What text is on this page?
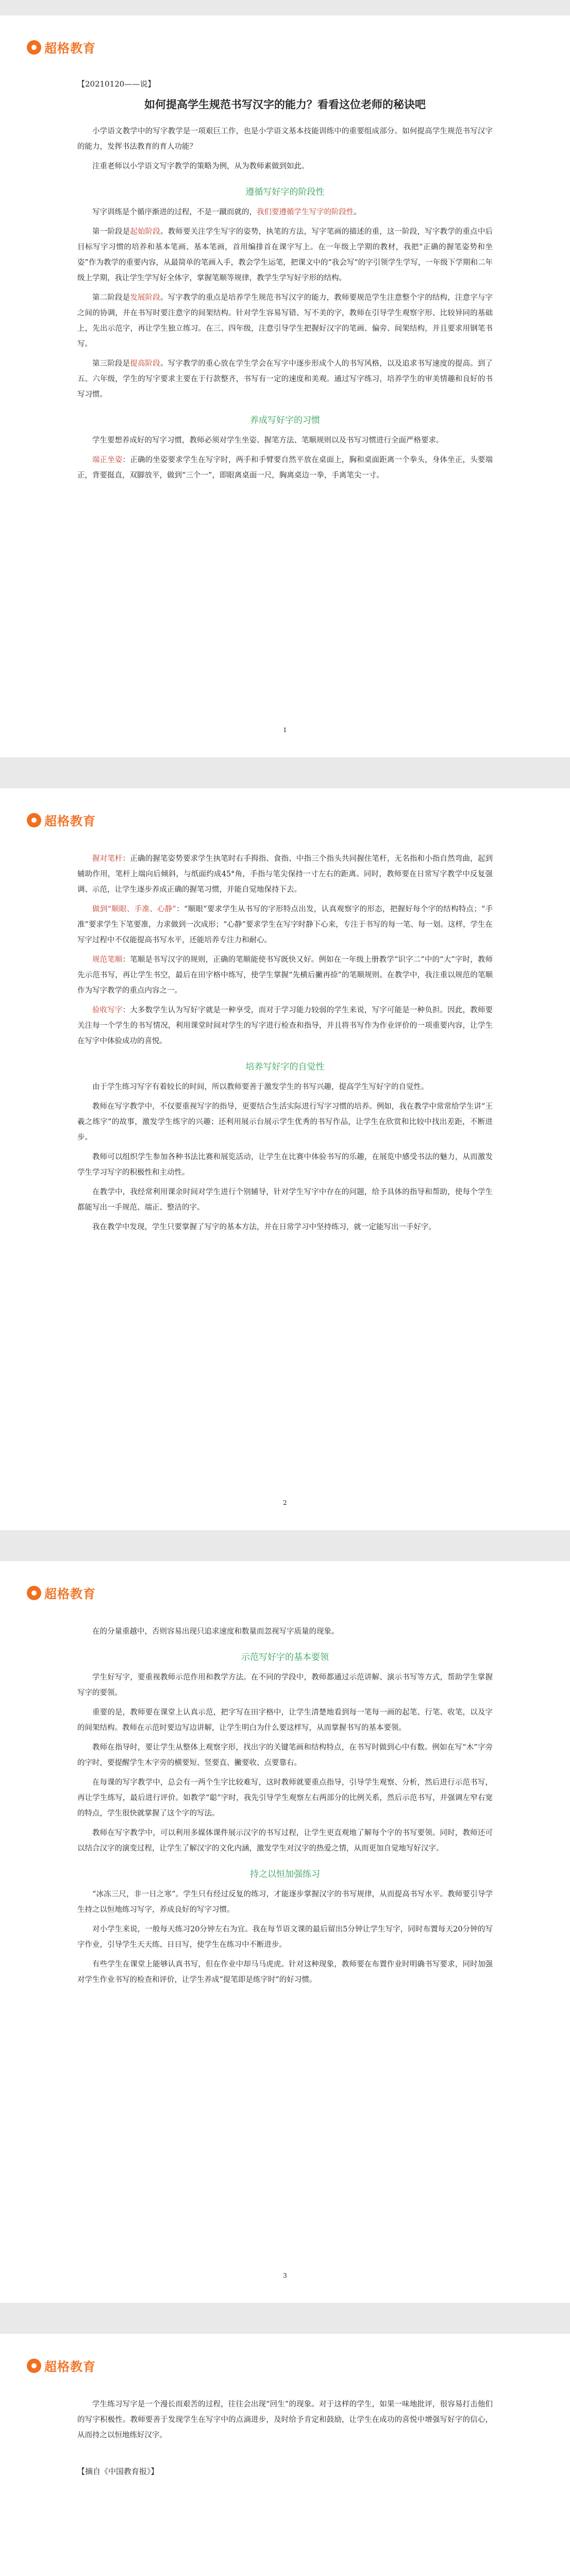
超格教育

【20210120——说】

如何提高学生规范书写汉字的能力？看看这位老师的秘诀吧

小学语文教学中的写字教学是一项艰巨工作，也是小学语文基本技能训练中的重要组成部分。如何提高学生规范书写汉字的能力，发挥书法教育的育人功能？

注重老师以小学语文写字教学的策略为例，从为教师素做到如此。

遵循写好字的阶段性

写字训练是个循序渐进的过程，不是一蹴而就的，我们要遵循学生写字的阶段性。

第一阶段是起始阶段。教师要关注学生写字的姿势，执笔的方法，写字笔画的描述的重，这一阶段，写字教学的重点中后目标写字习惯的培养和基本笔画、基本笔画，首用编排首在课字写上。在一年级上学期的教材，我把“正确的握笔姿势和坐姿”作为教学的重要内容，从最简单的笔画入手，教会学生运笔，把课文中的“我会写”的字引领学生学写，一年级下学期和二年级上学期，我让学生学写好全体字，掌握笔顺等规律，教学生学写好字形的结构。

第二阶段是发展阶段。写字教学的重点是培养学生规范书写汉字的能力，教师要规范学生注意整个字的结构，注意字与字之间的协调，并在书写时要注意字的间架结构。针对学生容易写错、写不美的字，教师在引导学生观察字形、比较异同的基础上，先出示范字，再让学生独立练习。在三、四年级，注意引导学生把握好汉字的笔画、偏旁、间架结构，并且要求用钢笔书写。

第三阶段是提高阶段。写字教学的重心放在学生学会在写字中逐步形成个人的书写风格，以及追求书写速度的提高。到了五、六年级，学生的写字要求主要在于行款整齐，书写有一定的速度和美观。通过写字练习，培养学生的审美情趣和良好的书写习惯。

养成写好字的习惯

学生要想养成好的写字习惯，教师必须对学生坐姿、握笔方法、笔顺规则以及书写习惯进行全面严格要求。

端正坐姿：正确的坐姿要求学生在写字时，两手和手臂要自然平放在桌面上，胸和桌面距离一个拳头，身体坐正，头要端正，背要挺直，双脚放平，做到“三个一”，即眼离桌面一尺，胸离桌边一拳，手离笔尖一寸。

1
超格教育

握对笔杆：正确的握笔姿势要求学生执笔时右手拇指、食指、中指三个指头共同握住笔杆，无名指和小指自然弯曲，起到辅助作用，笔杆上端向后倾斜，与纸面约成45°角，手指与笔尖保持一寸左右的距离。同时，教师要在日常写字教学中反复强调、示范，让学生逐步养成正确的握笔习惯，并能自觉地保持下去。

做到“顺眼、手准、心静”：“顺眼”要求学生从书写的字形特点出发，认真观察字的形态，把握好每个字的结构特点；“手准”要求学生下笔要准，力求做到一次成形；“心静”要求学生在写字时静下心来，专注于书写的每一笔、每一划。这样，学生在写字过程中不仅能提高书写水平，还能培养专注力和耐心。

规范笔顺：笔顺是书写汉字的规则，正确的笔顺能使书写既快又好。例如在一年级上册教学“识字二”中的“大”字时，教师先示范书写，再让学生书空，最后在田字格中练写，使学生掌握“先横后撇再捺”的笔顺规则。在教学中，我注重以规范的笔顺作为写字教学的重点内容之一。

验收写字：大多数学生认为写好字就是一种享受，而对于学习能力较弱的学生来说，写字可能是一种负担。因此，教师要关注每一个学生的书写情况，利用课堂时间对学生的写字进行检查和指导，并且将书写作为作业评价的一项重要内容，让学生在写字中体验成功的喜悦。

培养写好字的自觉性

由于学生练习写字有着较长的时间，所以教师要善于激发学生的书写兴趣，提高学生写好字的自觉性。

教师在写字教学中，不仅要重视写字的指导，更要结合生活实际进行写字习惯的培养。例如，我在教学中常常给学生讲“王羲之练字”的故事，激发学生练字的兴趣；还利用展示台展示学生优秀的书写作品，让学生在欣赏和比较中找出差距，不断进步。

教师可以组织学生参加各种书法比赛和展览活动，让学生在比赛中体验书写的乐趣，在展览中感受书法的魅力，从而激发学生学习写字的积极性和主动性。

在教学中，我经常利用课余时间对学生进行个别辅导，针对学生写字中存在的问题，给予具体的指导和帮助，使每个学生都能写出一手规范、端正、整洁的字。

我在教学中发现，学生只要掌握了写字的基本方法，并在日常学习中坚持练习，就一定能写出一手好字。

2
超格教育

在的分量重越中，否则容易出现只追求速度和数量而忽视写字质量的现象。

示范写好字的基本要领

学生好写字，要重视教师示范作用和教学方法。在不同的学段中，教师都通过示范讲解、演示书写等方式，帮助学生掌握写字的要领。

重要的是，教师要在课堂上认真示范，把字写在田字格中，让学生清楚地看到每一笔每一画的起笔、行笔、收笔，以及字的间架结构。教师在示范时要边写边讲解，让学生明白为什么要这样写，从而掌握书写的基本要领。

教师在指导时，要让学生从整体上观察字形，找出字的关键笔画和结构特点，在书写时做到心中有数。例如在写“木”字旁的字时，要提醒学生木字旁的横要短、竖要直、撇要收、点要靠右。

在每课的写字教学中，总会有一两个生字比较难写，这时教师就要重点指导，引导学生观察、分析，然后进行示范书写，再让学生练写，最后进行评价。如教学“聪”字时，我先引导学生观察左右两部分的比例关系，然后示范书写，并强调左窄右宽的特点，学生很快就掌握了这个字的写法。

教师在写字教学中，可以利用多媒体课件展示汉字的书写过程，让学生更直观地了解每个字的书写要领。同时，教师还可以结合汉字的演变过程，让学生了解汉字的文化内涵，激发学生对汉字的热爱之情，从而更加自觉地写好汉字。

持之以恒加强练习

“冰冻三尺，非一日之寒”。学生只有经过反复的练习，才能逐步掌握汉字的书写规律，从而提高书写水平。教师要引导学生持之以恒地练习写字，养成良好的写字习惯。

对小学生来说，一般每天练习20分钟左右为宜。我在每节语文课的最后留出5分钟让学生写字，同时布置每天20分钟的写字作业，引导学生天天练、日日写，使学生在练习中不断进步。

有些学生在课堂上能够认真书写，但在作业中却马马虎虎。针对这种现象，教师要在布置作业时明确书写要求，同时加强对学生作业书写的检查和评价，让学生养成“提笔即是练字时”的好习惯。

3
超格教育

学生练习写字是一个漫长而艰苦的过程，往往会出现“回生”的现象。对于这样的学生，如果一味地批评，很容易打击他们的写字积极性。教师要善于发现学生在写字中的点滴进步，及时给予肯定和鼓励，让学生在成功的喜悦中增强写好字的信心，从而持之以恒地练好汉字。

【摘自《中国教育报》】
